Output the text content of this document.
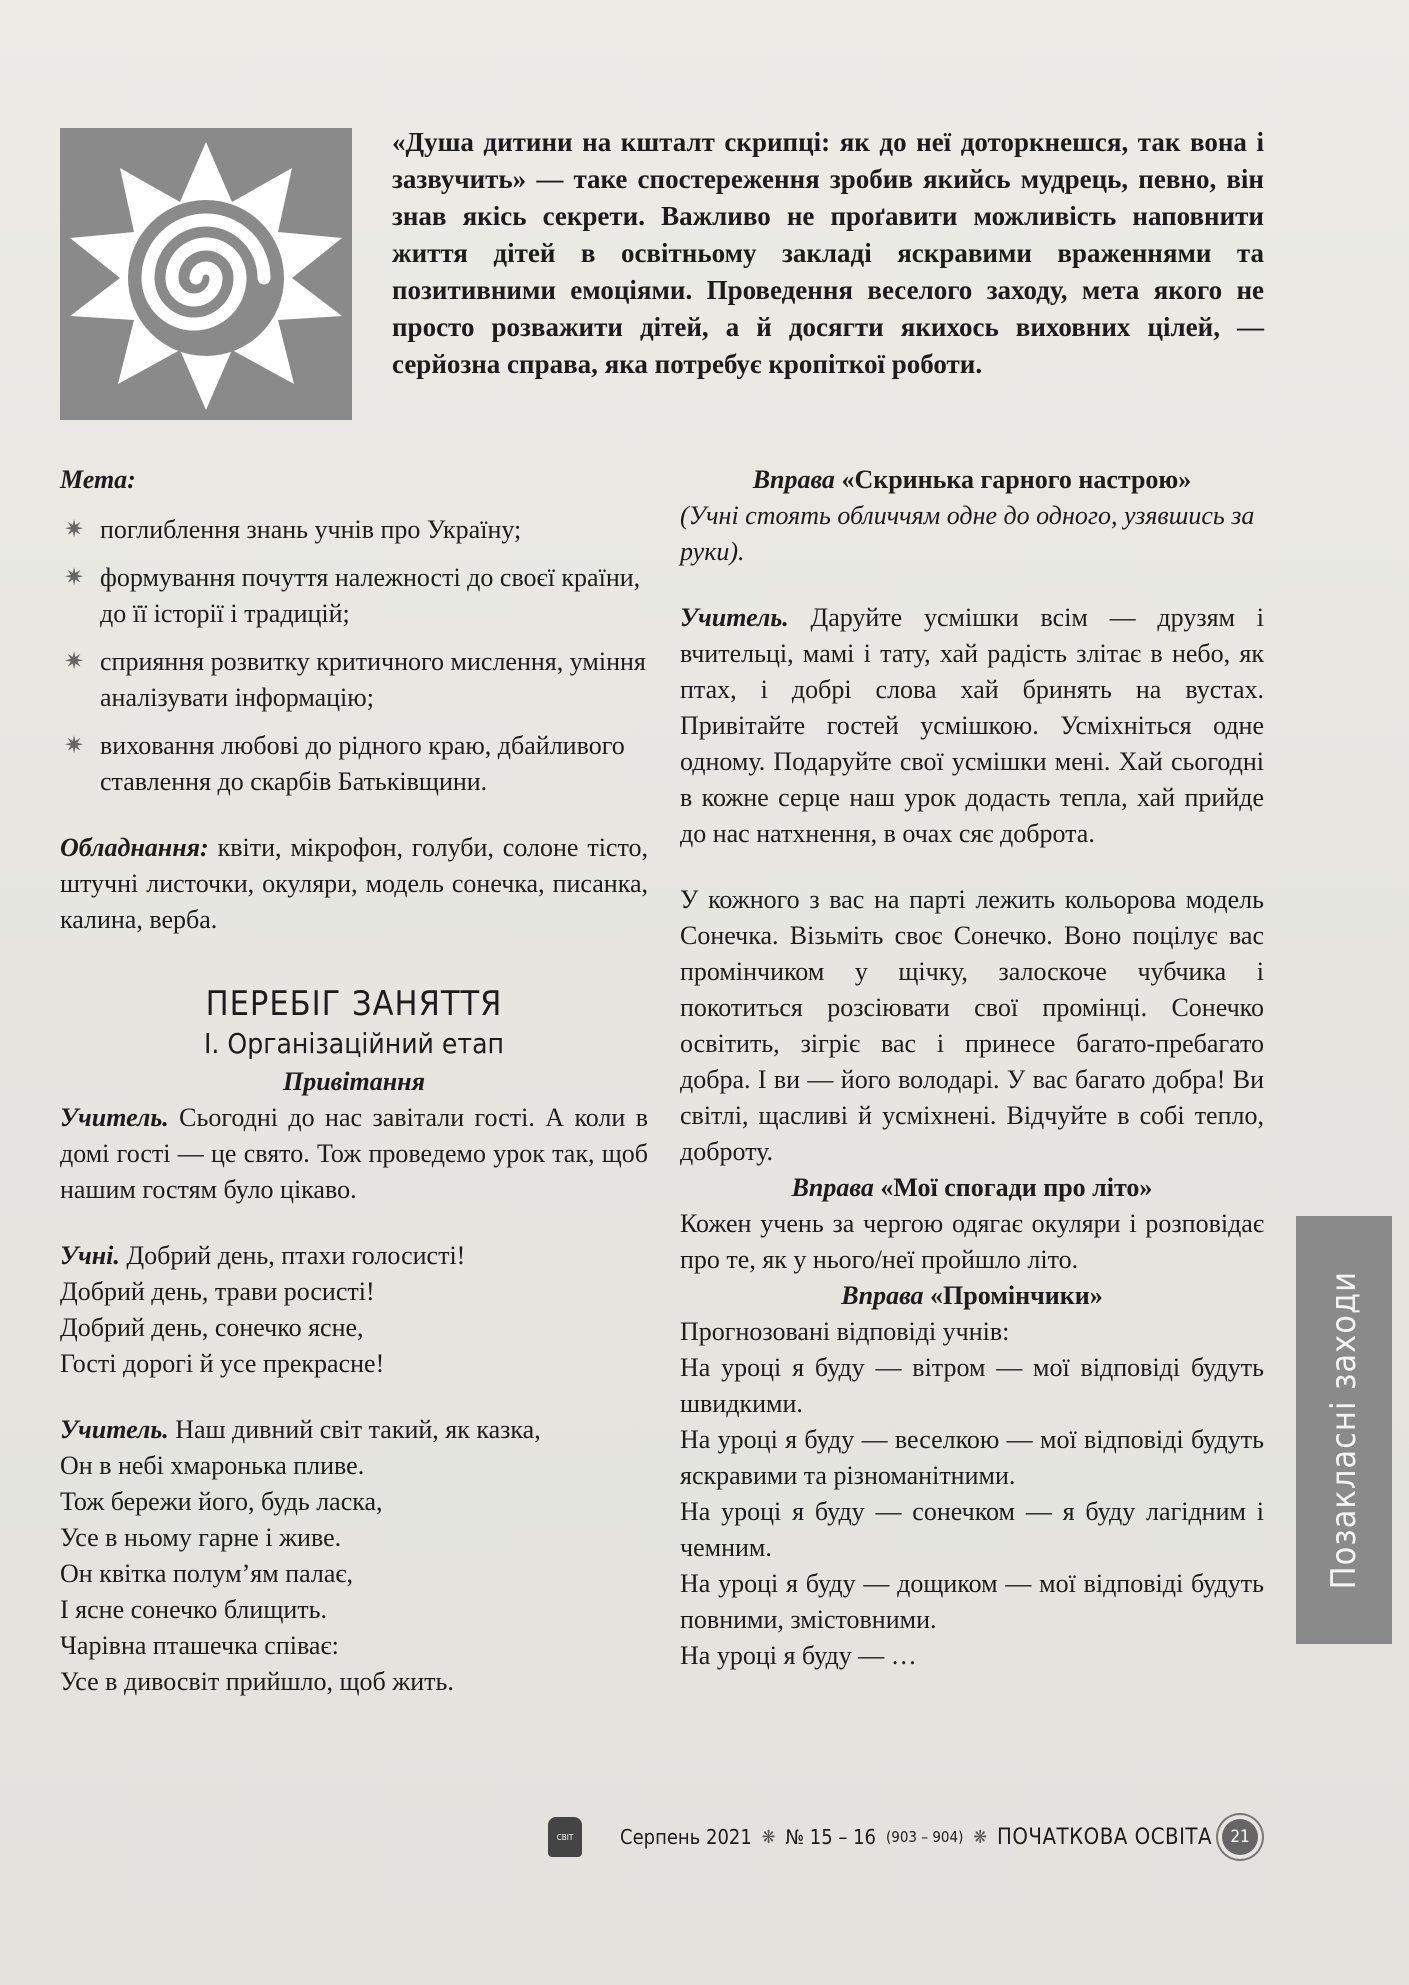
«Душа дитини на кшталт скрипці: як до неї доторкнешся, так вона і зазвучить» — таке спостереження зробив якийсь мудрець, певно, він знав якісь секрети. Важливо не проґавити можливість наповнити життя дітей в освітньому закладі яскравими враженнями та позитивними емоціями. Проведення веселого заходу, мета якого не просто розважити дітей, а й досягти якихось виховних цілей, — серйозна справа, яка потребує кропіткої роботи.

Мета:

✷ поглиблення знань учнів про Україну;

✷ формування почуття належності до своєї країни, до її історії і традицій;

✷ сприяння розвитку критичного мислення, уміння аналізувати інформацію;

✷ виховання любові до рідного краю, дбайливого ставлення до скарбів Батьківщини.

Обладнання: квіти, мікрофон, голуби, солоне тісто, штучні листочки, окуляри, модель сонечка, писанка, калина, верба.

ПЕРЕБІГ ЗАНЯТТЯ
І. Організаційний етап

Привітання

Учитель. Сьогодні до нас завітали гості. А коли в домі гості — це свято. Тож проведемо урок так, щоб нашим гостям було цікаво.

Учні. Добрий день, птахи голосисті!

Добрий день, трави росисті!

Добрий день, сонечко ясне,

Гості дорогі й усе прекрасне!

Учитель. Наш дивний світ такий, як казка,

Он в небі хмаронька пливе.

Тож бережи його, будь ласка,

Усе в ньому гарне і живе.

Он квітка полум’ям палає,

І ясне сонечко блищить.

Чарівна пташечка співає:

Усе в дивосвіт прийшло, щоб жить.

Вправа «Скринька гарного настрою»

(Учні стоять обличчям одне до одного, узявшись за руки).

Учитель. Даруйте усмішки всім — друзям і вчительці, мамі і тату, хай радість злітає в небо, як птах, і добрі слова хай бринять на вустах. Привітайте гостей усмішкою. Усміхніться одне одному. Подаруйте свої усмішки мені. Хай сьогодні в кожне серце наш урок додасть тепла, хай прийде до нас натхнення, в очах сяє доброта.

У кожного з вас на парті лежить кольорова модель Сонечка. Візьміть своє Сонечко. Воно поцілує вас промінчиком у щічку, залоскоче чубчика і покотиться розсіювати свої промінці. Сонечко освітить, зігріє вас і принесе багато-пребагато добра. І ви — його володарі. У вас багато добра! Ви світлі, щасливі й усміхнені. Відчуйте в собі тепло, доброту.

Вправа «Мої спогади про літо»

Кожен учень за чергою одягає окуляри і розповідає про те, як у нього/неї пройшло літо.

Вправа «Промінчики»

Прогнозовані відповіді учнів:

На уроці я буду — вітром — мої відповіді будуть швидкими.

На уроці я буду — веселкою — мої відповіді будуть яскравими та різноманітними.

На уроці я буду — сонечком — я буду лагідним і чемним.

На уроці я буду — дощиком — мої відповіді будуть повними, змістовними.

На уроці я буду — …

Позакласні заходи
СВІТ	Серпень 2021 ❋ № 15 – 16 (903 – 904) ❋ ПОЧАТКОВА ОСВІТА	21
